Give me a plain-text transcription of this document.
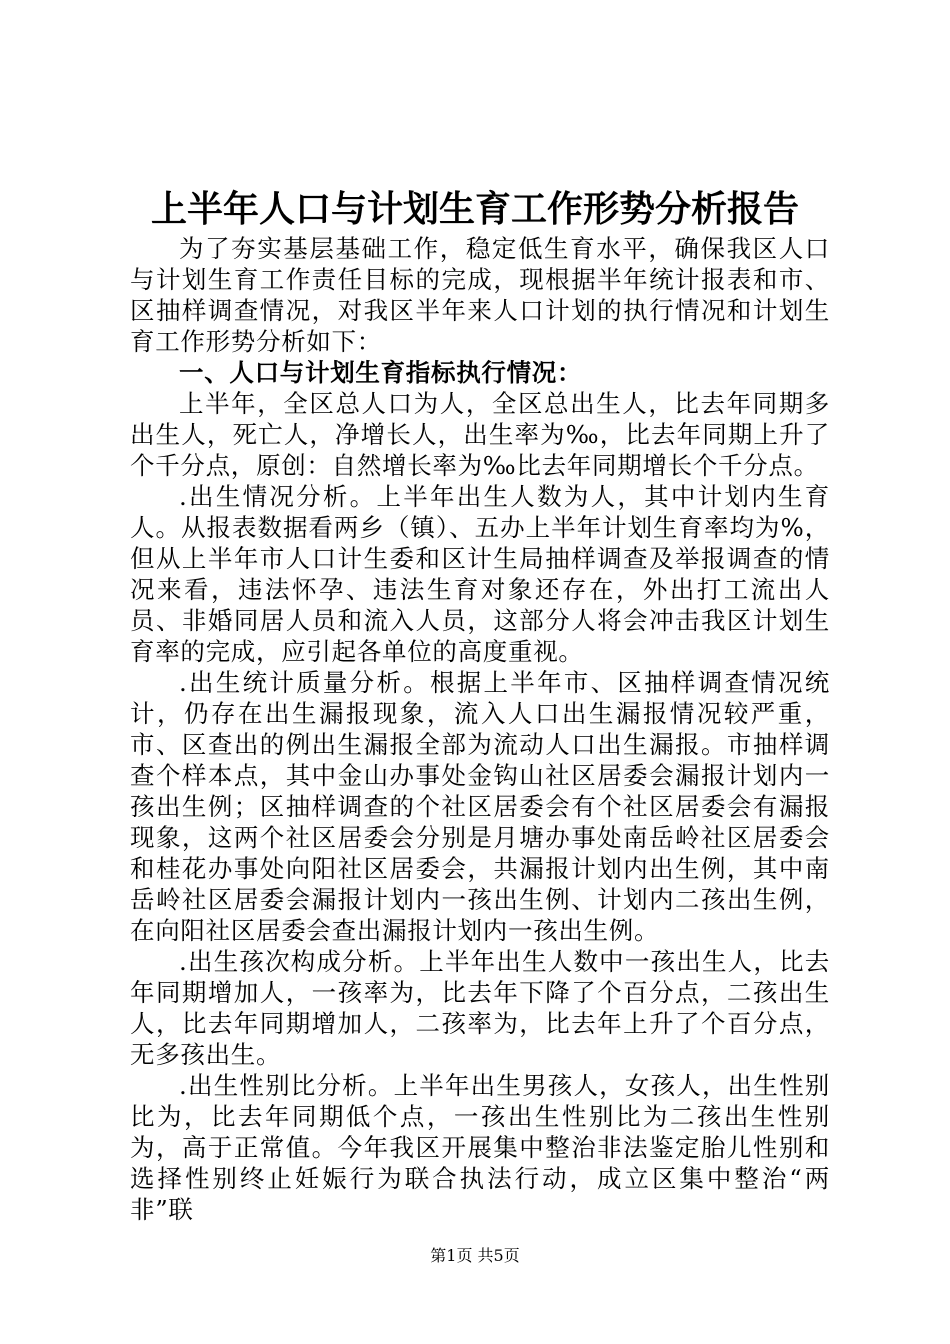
上半年人口与计划生育工作形势分析报告

为了夯实基层基础工作，稳定低生育水平，确保我区人口与计划生育工作责任目标的完成，现根据半年统计报表和市、区抽样调查情况，对我区半年来人口计划的执行情况和计划生育工作形势分析如下：

一、人口与计划生育指标执行情况：

上半年，全区总人口为人，全区总出生人，比去年同期多出生人，死亡人，净增长人，出生率为‰，比去年同期上升了个千分点，原创：自然增长率为‰比去年同期增长个千分点。

.出生情况分析。上半年出生人数为人，其中计划内生育人。从报表数据看两乡（镇）、五办上半年计划生育率均为%，但从上半年市人口计生委和区计生局抽样调查及举报调查的情况来看，违法怀孕、违法生育对象还存在，外出打工流出人员、非婚同居人员和流入人员，这部分人将会冲击我区计划生育率的完成，应引起各单位的高度重视。

.出生统计质量分析。根据上半年市、区抽样调查情况统计，仍存在出生漏报现象，流入人口出生漏报情况较严重，市、区查出的例出生漏报全部为流动人口出生漏报。市抽样调查个样本点，其中金山办事处金钩山社区居委会漏报计划内一孩出生例；区抽样调查的个社区居委会有个社区居委会有漏报现象，这两个社区居委会分别是月塘办事处南岳岭社区居委会和桂花办事处向阳社区居委会，共漏报计划内出生例，其中南岳岭社区居委会漏报计划内一孩出生例、计划内二孩出生例，在向阳社区居委会查出漏报计划内一孩出生例。

.出生孩次构成分析。上半年出生人数中一孩出生人，比去年同期增加人，一孩率为，比去年下降了个百分点，二孩出生人，比去年同期增加人，二孩率为，比去年上升了个百分点，无多孩出生。

.出生性别比分析。上半年出生男孩人，女孩人，出生性别比为，比去年同期低个点，一孩出生性别比为二孩出生性别为，高于正常值。今年我区开展集中整治非法鉴定胎儿性别和选择性别终止妊娠行为联合执法行动，成立区集中整治“两非”联

第1页 共5页
